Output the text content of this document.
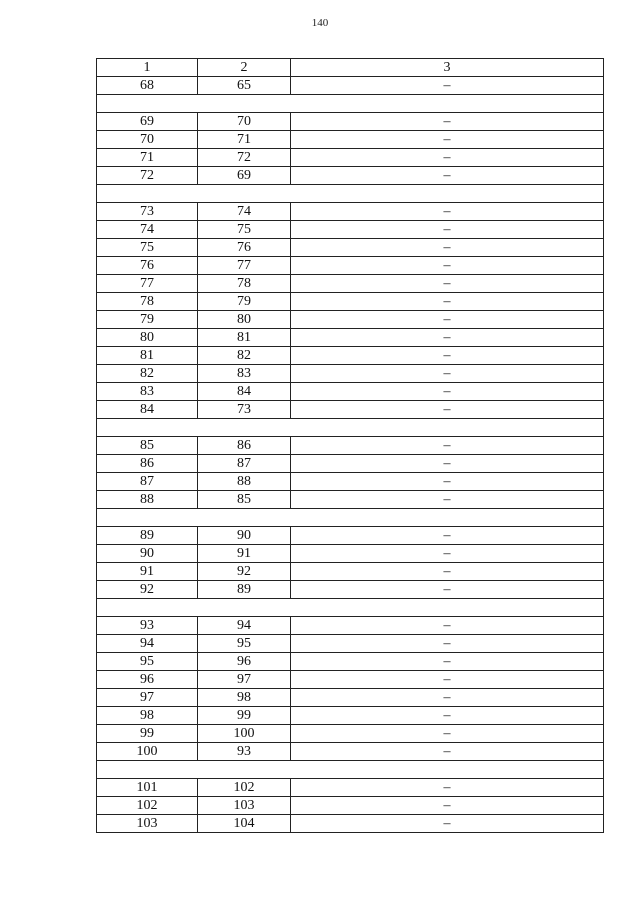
140
1	2	3
68	65	–

69	70	–
70	71	–
71	72	–
72	69	–

73	74	–
74	75	–
75	76	–
76	77	–
77	78	–
78	79	–
79	80	–
80	81	–
81	82	–
82	83	–
83	84	–
84	73	–

85	86	–
86	87	–
87	88	–
88	85	–

89	90	–
90	91	–
91	92	–
92	89	–

93	94	–
94	95	–
95	96	–
96	97	–
97	98	–
98	99	–
99	100	–
100	93	–

101	102	–
102	103	–
103	104	–
